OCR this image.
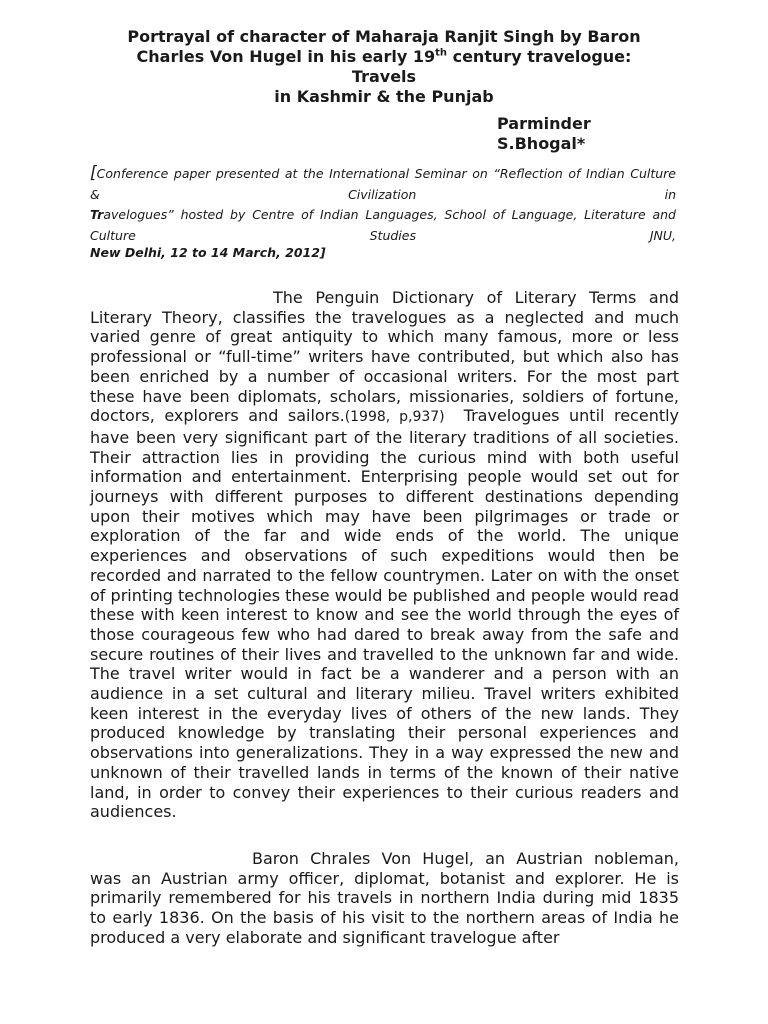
Portrayal of character of Maharaja Ranjit Singh by Baron
Charles Von Hugel in his early 19th century travelogue:
Travels
in Kashmir & the Punjab
Parminder
S.Bhogal*
[Conference paper presented at the International Seminar on “Reflection of Indian Culture
& Civilization in
Travelogues” hosted by Centre of Indian Languages, School of Language, Literature and
Culture Studies JNU,
New Delhi, 12 to 14 March, 2012]

The Penguin Dictionary of Literary Terms and Literary Theory, classifies the travelogues as a neglected and much varied genre of great antiquity to which many famous, more or less professional or “full-time” writers have contributed, but which also has been enriched by a number of occasional writers. For the most part these have been diplomats, scholars, missionaries, soldiers of fortune, doctors, explorers and sailors.(1998, p,937)  Travelogues until recently have been very significant part of the literary traditions of all societies. Their attraction lies in providing the curious mind with both useful information and entertainment. Enterprising people would set out for journeys with different purposes to different destinations depending upon their motives which may have been pilgrimages or trade or exploration of the far and wide ends of the world. The unique experiences and observations of such expeditions would then be recorded and narrated to the fellow countrymen. Later on with the onset of printing technologies these would be published and people would read these with keen interest to know and see the world through the eyes of those courageous few who had dared to break away from the safe and secure routines of their lives and travelled to the unknown far and wide. The travel writer would in fact be a wanderer and a person with an audience in a set cultural and literary milieu. Travel writers exhibited keen interest in the everyday lives of others of the new lands. They produced knowledge by translating their personal experiences and observations into generalizations. They in a way expressed the new and unknown of their travelled lands in terms of the known of their native land, in order to convey their experiences to their curious readers and audiences.

Baron Chrales Von Hugel, an Austrian nobleman, was an Austrian army officer, diplomat, botanist and explorer. He is primarily remembered for his travels in northern India during mid 1835 to early 1836. On the basis of his visit to the northern areas of India he produced a very elaborate and significant travelogue after
